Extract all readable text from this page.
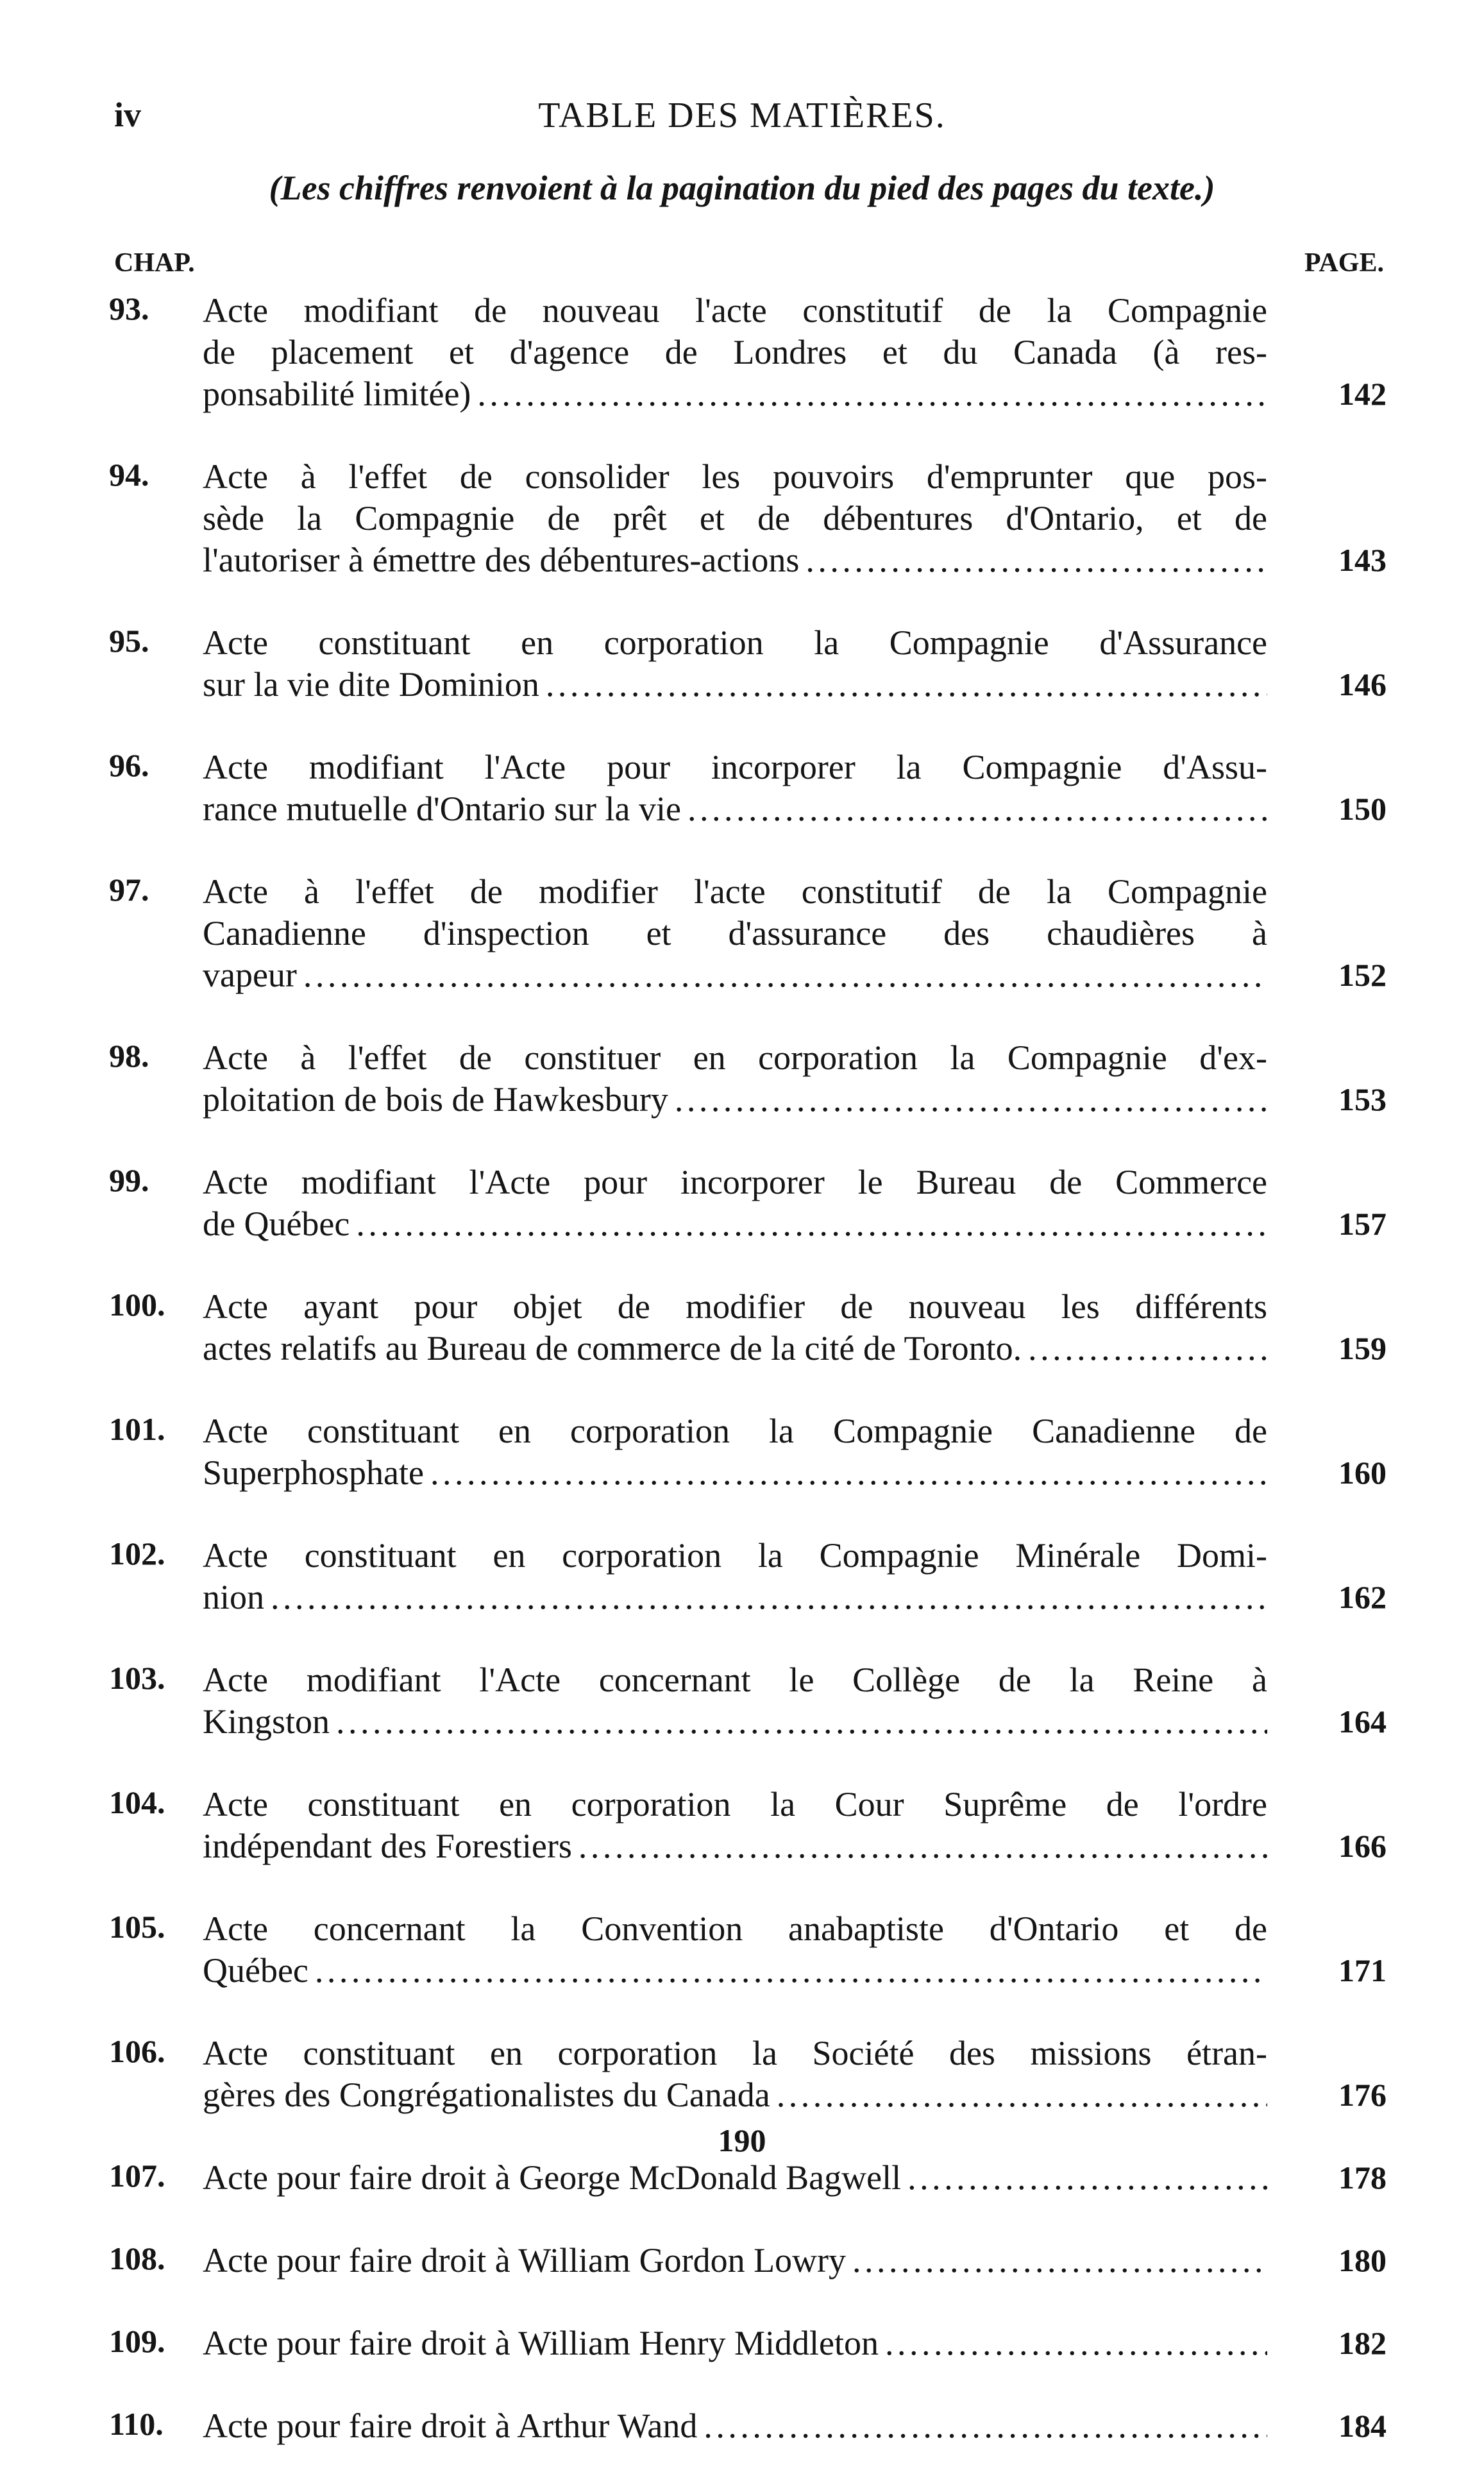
iv	TABLE DES MATIÈRES.
(Les chiffres renvoient à la pagination du pied des pages du texte.)
CHAP.	PAGE.
93. Acte modifiant de nouveau l'acte constitutif de la Compagnie
de placement et d'agence de Londres et du Canada (à res-
ponsabilité limitée) . . .	142
94. Acte à l'effet de consolider les pouvoirs d'emprunter que pos-
sède la Compagnie de prêt et de débentures d'Ontario, et de
l'autoriser à émettre des débentures-actions . . .	143
95. Acte constituant en corporation la Compagnie d'Assurance
sur la vie dite Dominion . . .	146
96. Acte modifiant l'Acte pour incorporer la Compagnie d'Assu-
rance mutuelle d'Ontario sur la vie . . .	150
97. Acte à l'effet de modifier l'acte constitutif de la Compagnie
Canadienne d'inspection et d'assurance des chaudières à
vapeur . . .	152
98. Acte à l'effet de constituer en corporation la Compagnie d'ex-
ploitation de bois de Hawkesbury . . .	153
99. Acte modifiant l'Acte pour incorporer le Bureau de Commerce
de Québec . . .	157
100. Acte ayant pour objet de modifier de nouveau les différents
actes relatifs au Bureau de commerce de la cité de Toronto. . . .	159
101. Acte constituant en corporation la Compagnie Canadienne de
Superphosphate . . .	160
102. Acte constituant en corporation la Compagnie Minérale Domi-
nion . . .	162
103. Acte modifiant l'Acte concernant le Collège de la Reine à
Kingston . . .	164
104. Acte constituant en corporation la Cour Suprême de l'ordre
indépendant des Forestiers . . .	166
105. Acte concernant la Convention anabaptiste d'Ontario et de
Québec . . .	171
106. Acte constituant en corporation la Société des missions étran-
gères des Congrégationalistes du Canada . . .	176
107. Acte pour faire droit à George McDonald Bagwell . . .	178
108. Acte pour faire droit à William Gordon Lowry . . .	180
109. Acte pour faire droit à William Henry Middleton . . .	182
110. Acte pour faire droit à Arthur Wand . . .	184
190
